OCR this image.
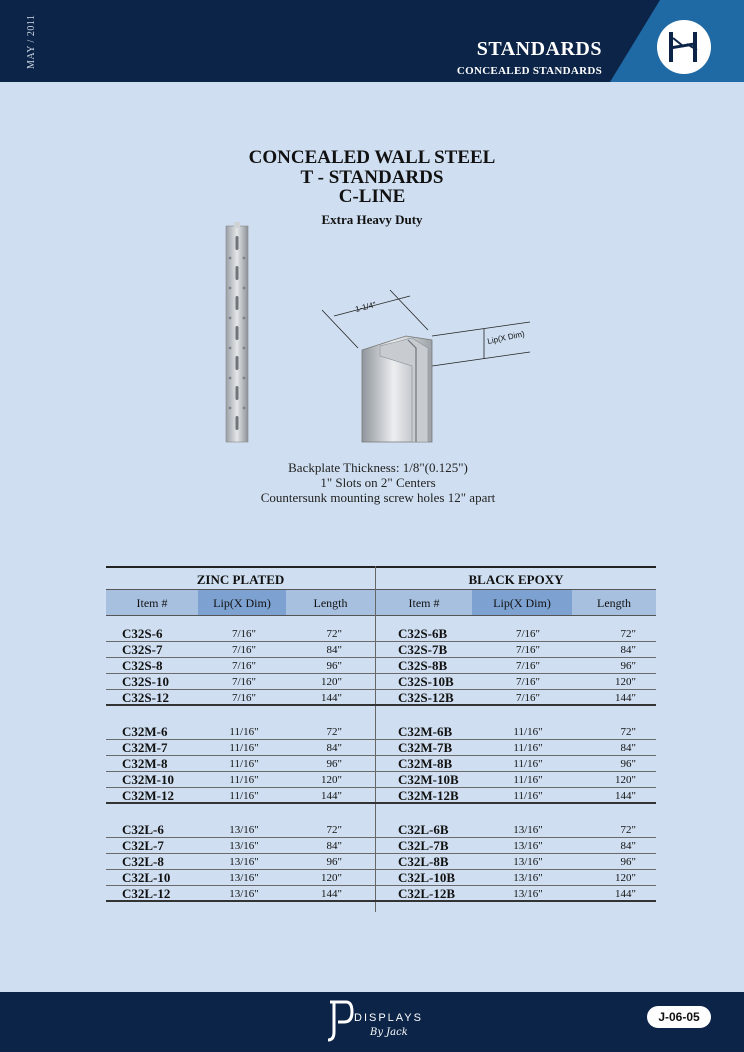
MAY / 2011	STANDARDS
CONCEALED STANDARDS
CONCEALED WALL STEEL
T - STANDARDS
C-LINE
Extra Heavy Duty
1-1/4"
Lip(X Dim)
Backplate Thickness: 1/8"(0.125")
1" Slots on 2" Centers
Countersunk mounting screw holes 12" apart
ZINC PLATED	BLACK EPOXY
Item #	Lip(X Dim)	Length	Item #	Lip(X Dim)	Length
C32S-6	7/16"	72"	C32S-6B	7/16"	72"
C32S-7	7/16"	84"	C32S-7B	7/16"	84"
C32S-8	7/16"	96"	C32S-8B	7/16"	96"
C32S-10	7/16"	120"	C32S-10B	7/16"	120"
C32S-12	7/16"	144"	C32S-12B	7/16"	144"
C32M-6	11/16"	72"	C32M-6B	11/16"	72"
C32M-7	11/16"	84"	C32M-7B	11/16"	84"
C32M-8	11/16"	96"	C32M-8B	11/16"	96"
C32M-10	11/16"	120"	C32M-10B	11/16"	120"
C32M-12	11/16"	144"	C32M-12B	11/16"	144"
C32L-6	13/16"	72"	C32L-6B	13/16"	72"
C32L-7	13/16"	84"	C32L-7B	13/16"	84"
C32L-8	13/16"	96"	C32L-8B	13/16"	96"
C32L-10	13/16"	120"	C32L-10B	13/16"	120"
C32L-12	13/16"	144"	C32L-12B	13/16"	144"
DISPLAYS
By Jack
J-06-05
